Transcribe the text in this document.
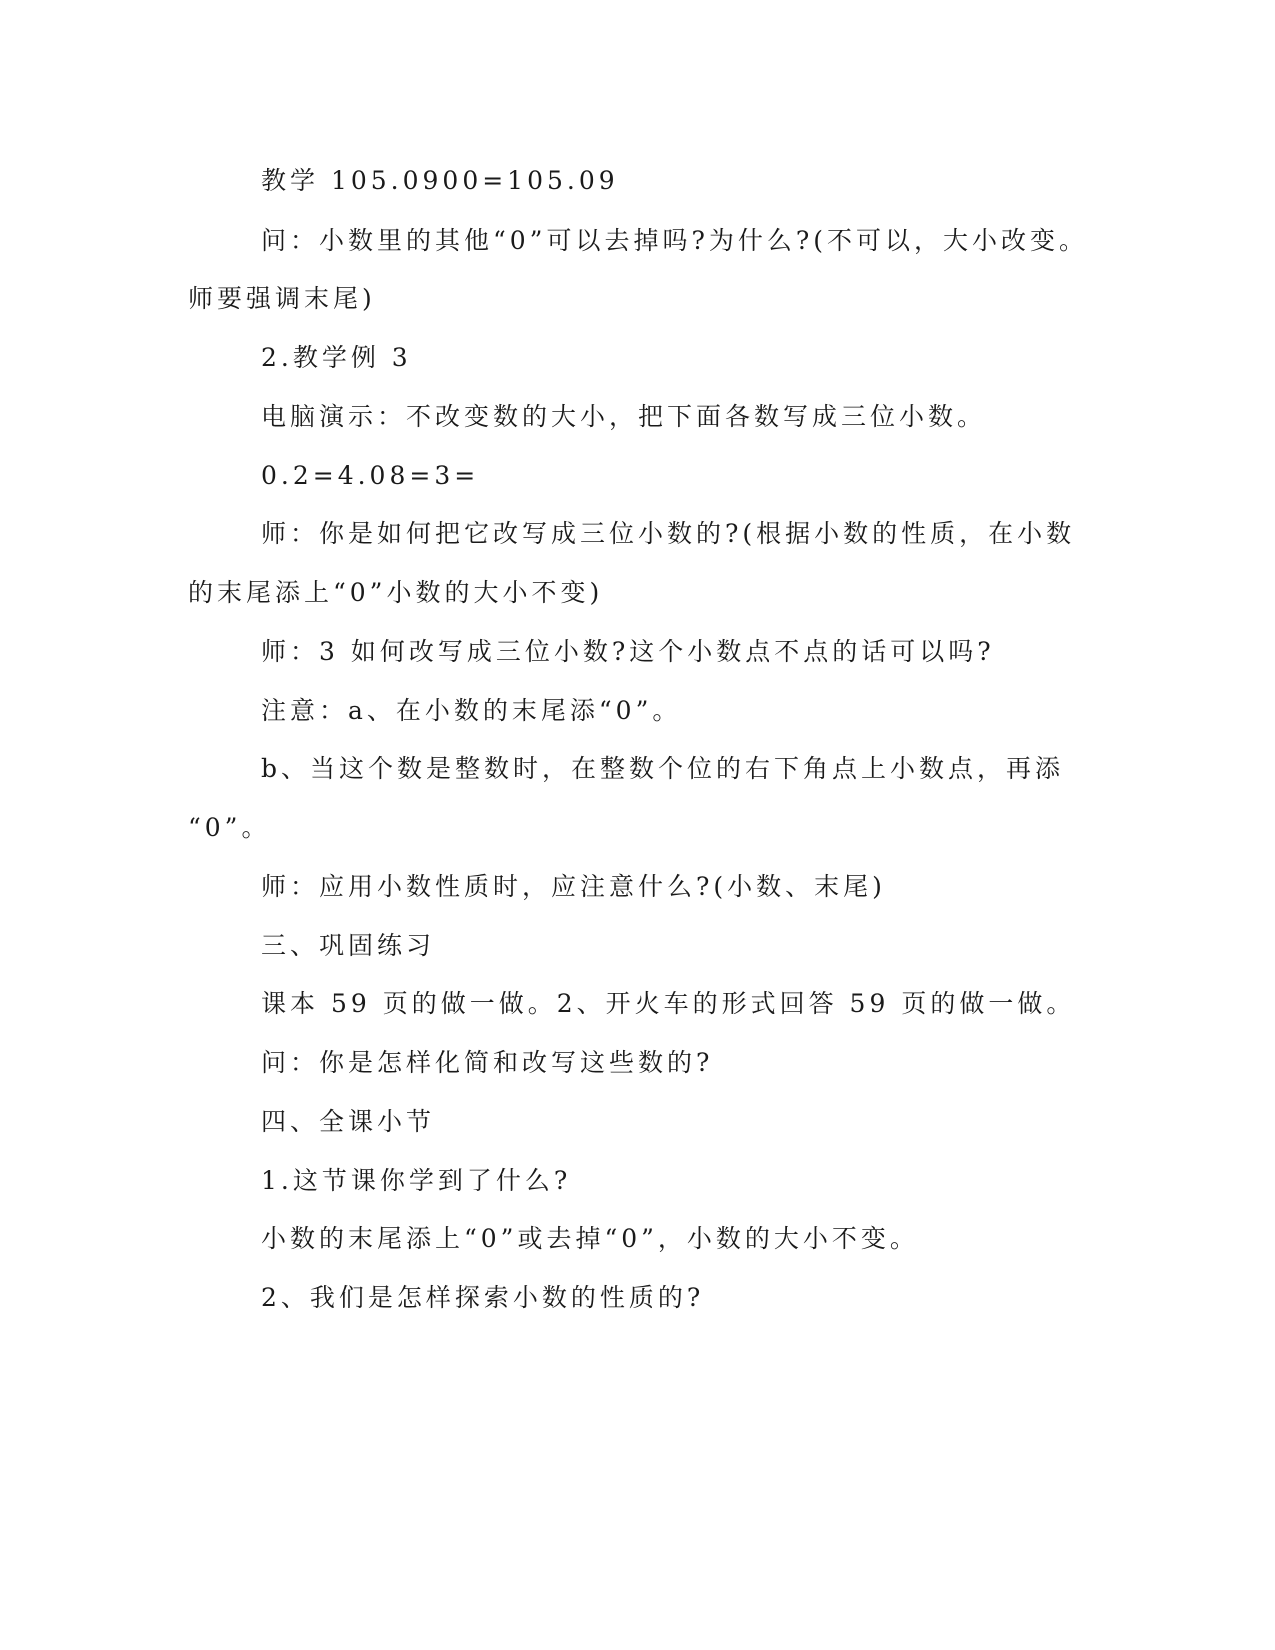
教学 105.0900=105.09
问：小数里的其他“0”可以去掉吗?为什么?(不可以，大小改变。
师要强调末尾)
2.教学例 3
电脑演示：不改变数的大小，把下面各数写成三位小数。
0.2=4.08=3=
师：你是如何把它改写成三位小数的?(根据小数的性质，在小数
的末尾添上“0”小数的大小不变)
师：3 如何改写成三位小数?这个小数点不点的话可以吗?
注意：a、在小数的末尾添“0”。
b、当这个数是整数时，在整数个位的右下角点上小数点，再添
“0”。
师：应用小数性质时，应注意什么?(小数、末尾)
三、巩固练习
课本 59 页的做一做。2、开火车的形式回答 59 页的做一做。
问：你是怎样化简和改写这些数的?
四、全课小节
1.这节课你学到了什么?
小数的末尾添上“0”或去掉“0”，小数的大小不变。
2、我们是怎样探索小数的性质的?
